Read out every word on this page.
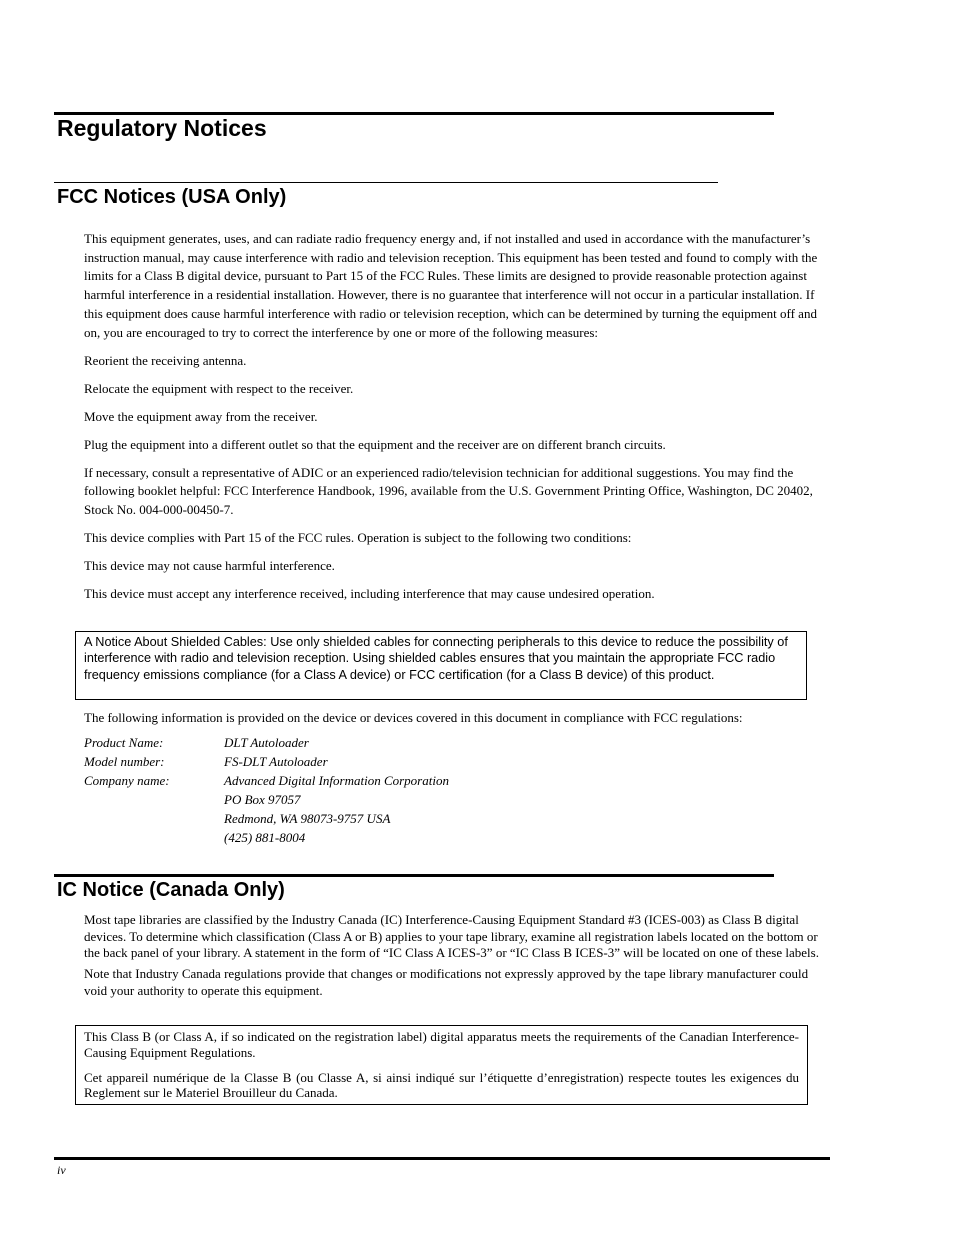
Regulatory Notices
FCC Notices (USA Only)

This equipment generates, uses, and can radiate radio frequency energy and, if not installed and used in accordance with the manufacturer’s instruction manual, may cause interference with radio and television reception. This equipment has been tested and found to comply with the limits for a Class B digital device, pursuant to Part 15 of the FCC Rules. These limits are designed to provide reasonable protection against harmful interference in a residential installation. However, there is no guarantee that interference will not occur in a particular installation. If this equipment does cause harmful interference with radio or television reception, which can be determined by turning the equipment off and on, you are encouraged to try to correct the interference by one or more of the following measures:

Reorient the receiving antenna.

Relocate the equipment with respect to the receiver.

Move the equipment away from the receiver.

Plug the equipment into a different outlet so that the equipment and the receiver are on different branch circuits.

If necessary, consult a representative of ADIC or an experienced radio/television technician for additional suggestions. You may find the following booklet helpful: FCC Interference Handbook, 1996, available from the U.S. Government Printing Office, Washington, DC 20402, Stock No. 004-000-00450-7.

This device complies with Part 15 of the FCC rules. Operation is subject to the following two conditions:

This device may not cause harmful interference.

This device must accept any interference received, including interference that may cause undesired operation.

A Notice About Shielded Cables: Use only shielded cables for connecting peripherals to this device to reduce the possibility of interference with radio and television reception. Using shielded cables ensures that you maintain the appropriate FCC radio frequency emissions compliance (for a Class A device) or FCC certification (for a Class B device) of this product.
The following information is provided on the device or devices covered in this document in compliance with FCC regulations:
Product Name:	DLT Autoloader
Model number:	FS-DLT Autoloader
Company name:	Advanced Digital Information Corporation
PO Box 97057
Redmond, WA 98073-9757 USA
(425) 881-8004
IC Notice (Canada Only)

Most tape libraries are classified by the Industry Canada (IC) Interference-Causing Equipment Standard #3 (ICES-003) as Class B digital devices. To determine which classification (Class A or B) applies to your tape library, examine all registration labels located on the bottom or the back panel of your library. A statement in the form of “IC Class A ICES-3” or “IC Class B ICES-3” will be located on one of these labels.

Note that Industry Canada regulations provide that changes or modifications not expressly approved by the tape library manufacturer could void your authority to operate this equipment.

This Class B (or Class A, if so indicated on the registration label) digital apparatus meets the requirements of the Canadian Interference-Causing Equipment Regulations.

Cet appareil numérique de la Classe B (ou Classe A, si ainsi indiqué sur l’étiquette d’enregistration) respecte toutes les exigences du Reglement sur le Materiel Brouilleur du Canada.

iv
